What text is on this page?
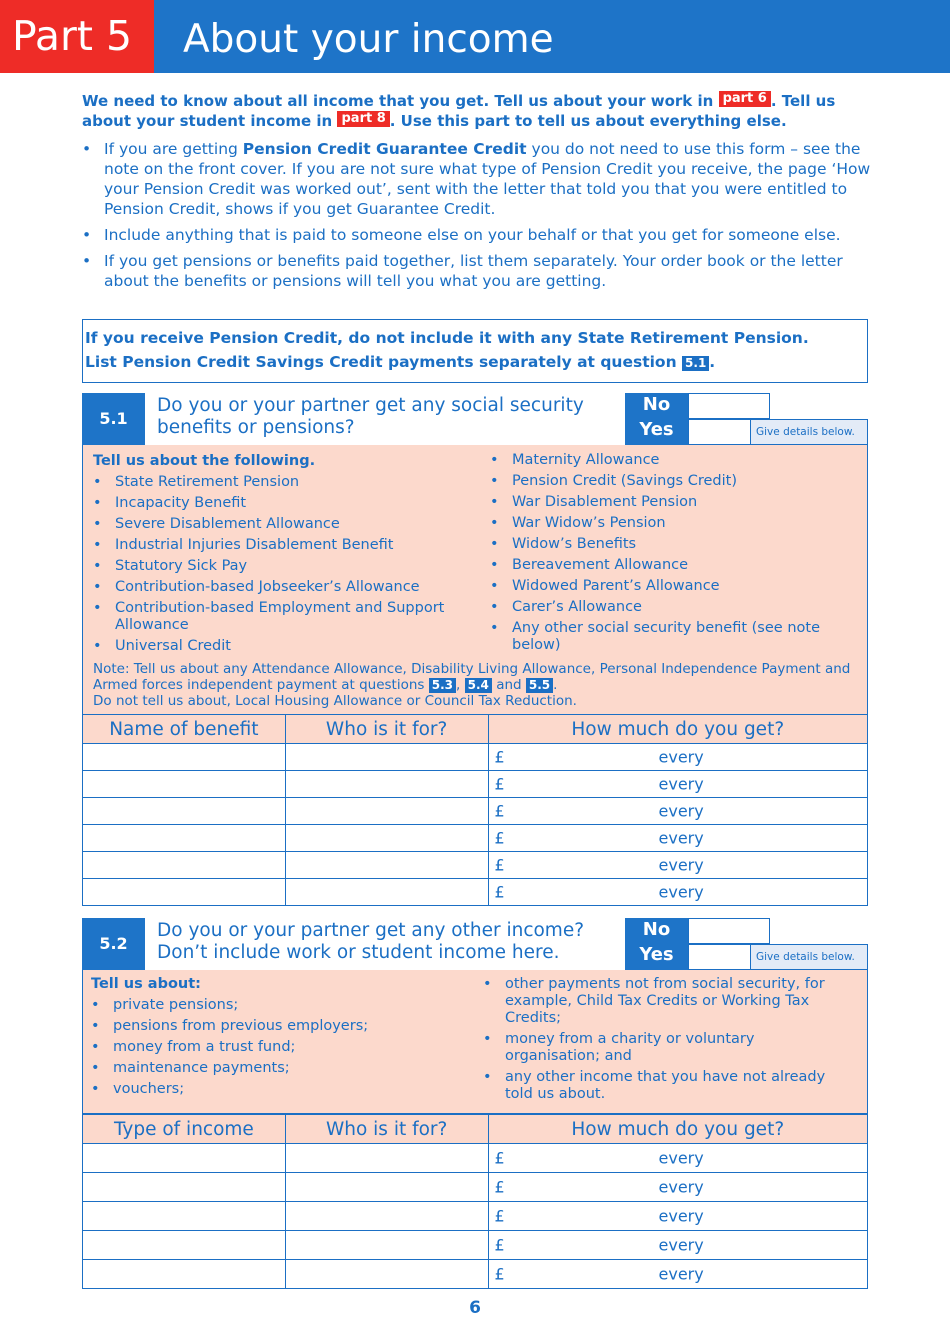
Part 5	About your income
We need to know about all income that you get. Tell us about your work in part 6 . Tell us about your student income in part 8 . Use this part to tell us about everything else.
• If you are getting Pension Credit Guarantee Credit you do not need to use this form – see the note on the front cover. If you are not sure what type of Pension Credit you receive, the page ‘How your Pension Credit was worked out’, sent with the letter that told you that you were entitled to Pension Credit, shows if you get Guarantee Credit.
• Include anything that is paid to someone else on your behalf or that you get for someone else.
• If you get pensions or benefits paid together, list them separately. Your order book or the letter about the benefits or pensions will tell you what you are getting.
If you receive Pension Credit, do not include it with any State Retirement Pension.
List Pension Credit Savings Credit payments separately at question 5.1 .
5.1
Do you or your partner get any social security benefits or pensions?
No
Yes	Give details below.
Tell us about the following.
• State Retirement Pension
• Incapacity Benefit
• Severe Disablement Allowance
• Industrial Injuries Disablement Benefit
• Statutory Sick Pay
• Contribution-based Jobseeker’s Allowance
• Contribution-based Employment and Support Allowance
• Universal Credit
• Maternity Allowance
• Pension Credit (Savings Credit)
• War Disablement Pension
• War Widow’s Pension
• Widow’s Benefits
• Bereavement Allowance
• Widowed Parent’s Allowance
• Carer’s Allowance
• Any other social security benefit (see note below)
Note: Tell us about any Attendance Allowance, Disability Living Allowance, Personal Independence Payment and Armed forces independent payment at questions 5.3 , 5.4 and 5.5 .
Do not tell us about, Local Housing Allowance or Council Tax Reduction.
Name of benefit	Who is it for?	How much do you get?

		£ every

		£ every

		£ every

		£ every

		£ every

		£ every
5.2
Do you or your partner get any other income? Don’t include work or student income here.
No
Yes	Give details below.
Tell us about:
• private pensions;
• pensions from previous employers;
• money from a trust fund;
• maintenance payments;
• vouchers;
• other payments not from social security, for example, Child Tax Credits or Working Tax Credits;
• money from a charity or voluntary organisation; and
• any other income that you have not already told us about.
Type of income	Who is it for?	How much do you get?

		£ every

		£ every

		£ every

		£ every

		£ every
6
